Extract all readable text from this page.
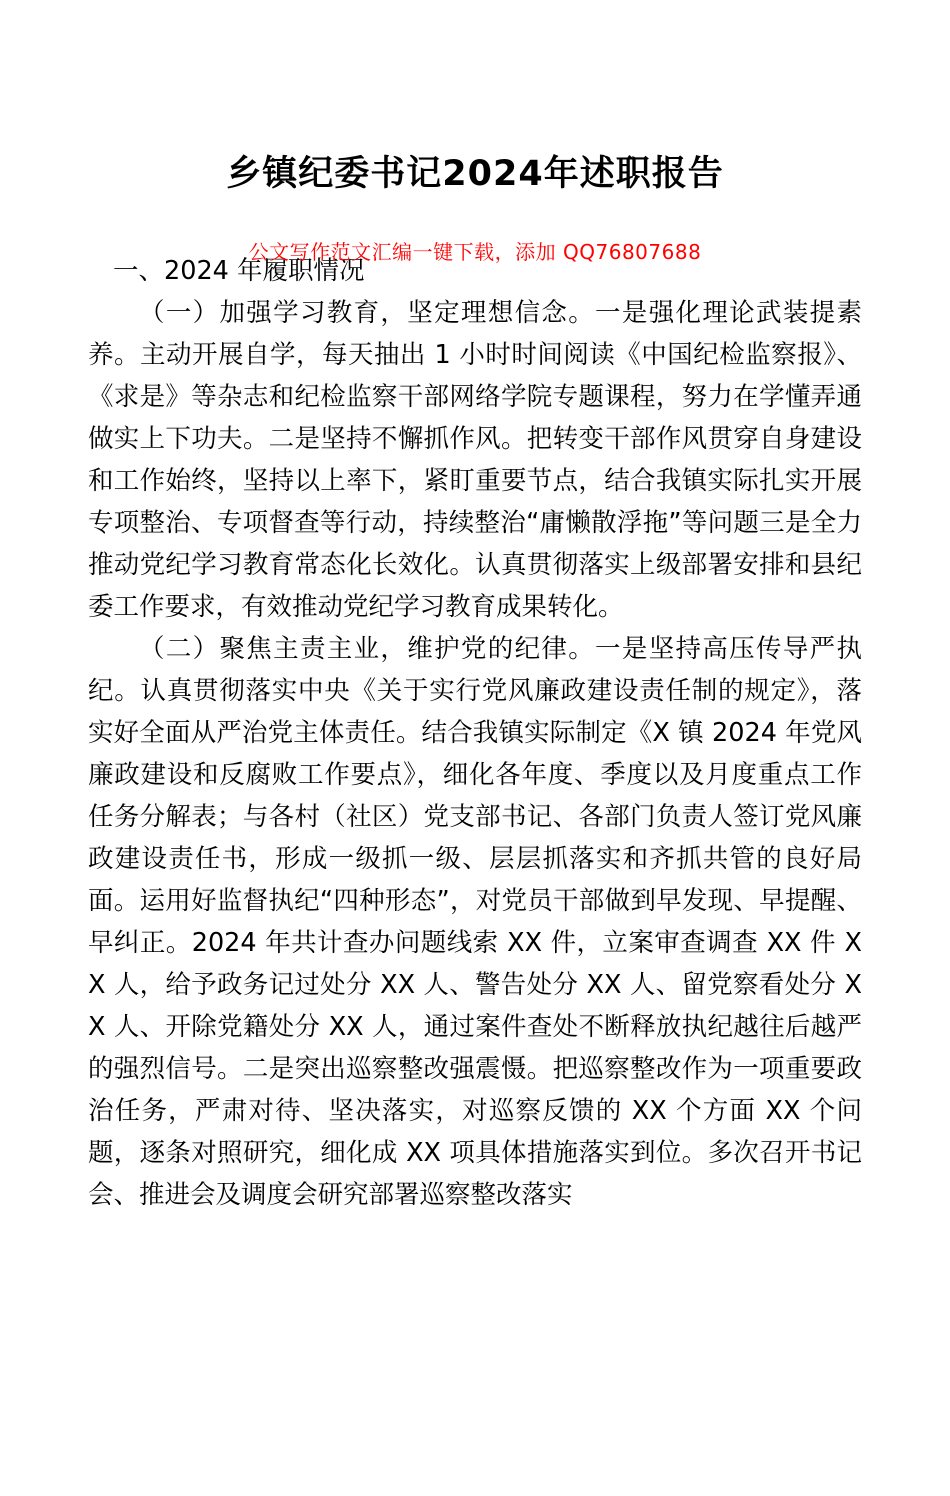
公文写作范文汇编一键下载，添加 QQ76807688
乡镇纪委书记2024年述职报告

一、2024 年履职情况

（一）加强学习教育，坚定理想信念。一是强化理论武装提素养。主动开展自学，每天抽出 1 小时时间阅读《中国纪检监察报》、《求是》等杂志和纪检监察干部网络学院专题课程，努力在学懂弄通做实上下功夫。二是坚持不懈抓作风。把转变干部作风贯穿自身建设和工作始终，坚持以上率下，紧盯重要节点，结合我镇实际扎实开展专项整治、专项督查等行动，持续整治“庸懒散浮拖”等问题三是全力推动党纪学习教育常态化长效化。认真贯彻落实上级部署安排和县纪委工作要求，有效推动党纪学习教育成果转化。

（二）聚焦主责主业，维护党的纪律。一是坚持高压传导严执纪。认真贯彻落实中央《关于实行党风廉政建设责任制的规定》，落实好全面从严治党主体责任。结合我镇实际制定《X 镇 2024 年党风廉政建设和反腐败工作要点》，细化各年度、季度以及月度重点工作任务分解表；与各村（社区）党支部书记、各部门负责人签订党风廉政建设责任书，形成一级抓一级、层层抓落实和齐抓共管的良好局面。运用好监督执纪“四种形态”，对党员干部做到早发现、早提醒、早纠正。2024 年共计查办问题线索 XX 件，立案审查调查 XX 件 XX 人，给予政务记过处分 XX 人、警告处分 XX 人、留党察看处分 XX 人、开除党籍处分 XX 人，通过案件查处不断释放执纪越往后越严的强烈信号。二是突出巡察整改强震慑。把巡察整改作为一项重要政治任务，严肃对待、坚决落实，对巡察反馈的 XX 个方面 XX 个问题，逐条对照研究，细化成 XX 项具体措施落实到位。多次召开书记会、推进会及调度会研究部署巡察整改落实
